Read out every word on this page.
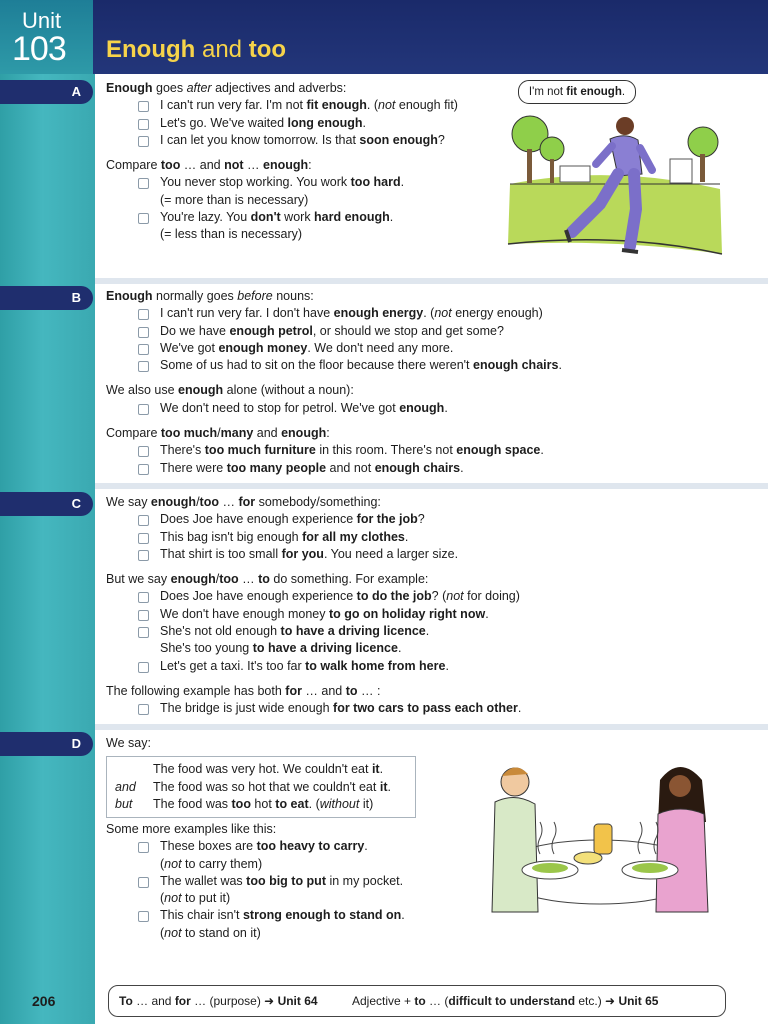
Unit
103 Enough and too
A
B
C
D
Enough goes after adjectives and adverbs:
I can't run very far. I'm not fit enough. (not enough fit)
Let's go. We've waited long enough.
I can let you know tomorrow. Is that soon enough?
Compare too … and not … enough:
You never stop working. You work too hard.
(= more than is necessary)
You're lazy. You don't work hard enough.
(= less than is necessary)
I'm not fit enough.
Enough normally goes before nouns:
I can't run very far. I don't have enough energy. (not energy enough)
Do we have enough petrol, or should we stop and get some?
We've got enough money. We don't need any more.
Some of us had to sit on the floor because there weren't enough chairs.
We also use enough alone (without a noun):
We don't need to stop for petrol. We've got enough.
Compare too much/many and enough:
There's too much furniture in this room. There's not enough space.
There were too many people and not enough chairs.
We say enough/too … for somebody/something:
Does Joe have enough experience for the job?
This bag isn't big enough for all my clothes.
That shirt is too small for you. You need a larger size.
But we say enough/too … to do something. For example:
Does Joe have enough experience to do the job? (not for doing)
We don't have enough money to go on holiday right now.
She's not old enough to have a driving licence.
She's too young to have a driving licence.
Let's get a taxi. It's too far to walk home from here.
The following example has both for … and to … :
The bridge is just wide enough for two cars to pass each other.
We say:
The food was very hot. We couldn't eat it.
and	The food was so hot that we couldn't eat it.
but	The food was too hot to eat. (without it)
Some more examples like this:
These boxes are too heavy to carry.
(not to carry them)
The wallet was too big to put in my pocket.
(not to put it)
This chair isn't strong enough to stand on.
(not to stand on it)
To … and for … (purpose) ➜ Unit 64	Adjective + to … (difficult to understand etc.) ➜ Unit 65
206
